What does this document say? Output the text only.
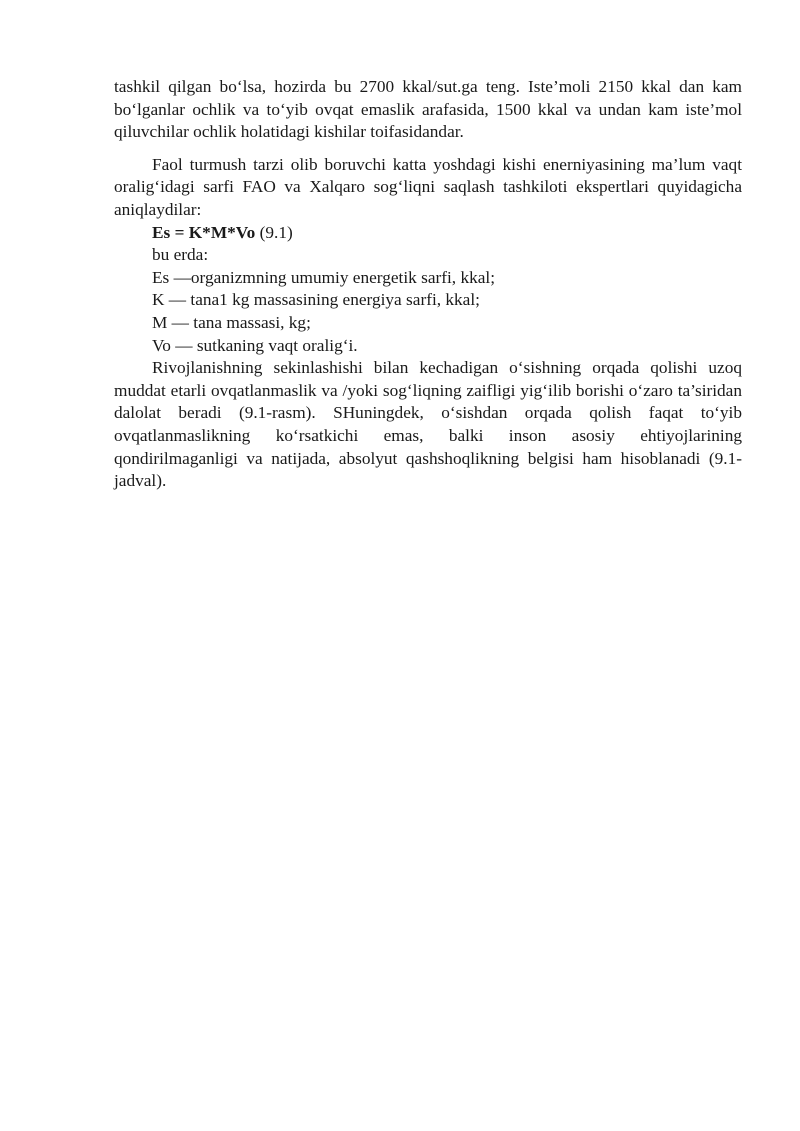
tashkil qilgan bo‘lsa, hozirda bu 2700 kkal/sut.ga teng. Iste’moli 2150 kkal dan kam bo‘lganlar ochlik va to‘yib ovqat emaslik arafasida, 1500 kkal va undan kam iste’mol qiluvchilar ochlik holatidagi kishilar toifasidandar.

Faol turmush tarzi olib boruvchi katta yoshdagi kishi enerniyasining ma’lum vaqt oralig‘idagi sarfi FAO va Xalqaro sog‘liqni saqlash tashkiloti ekspertlari quyidagicha aniqlaydilar:

Es = K*M*Vo (9.1)

bu erda:

Es —organizmning umumiy energetik sarfi, kkal;

K — tana1 kg massasining energiya sarfi, kkal;

M — tana massasi, kg;

Vo — sutkaning vaqt oralig‘i.

Rivojlanishning sekinlashishi bilan kechadigan o‘sishning orqada qolishi uzoq muddat etarli ovqatlanmaslik va /yoki sog‘liqning zaifligi yig‘ilib borishi o‘zaro ta’siridan dalolat beradi (9.1-rasm). SHuningdek, o‘sishdan orqada qolish faqat to‘yib ovqatlanmaslikning ko‘rsatkichi emas, balki inson asosiy ehtiyojlarining qondirilmaganligi va natijada, absolyut qashshoqlikning belgisi ham hisoblanadi (9.1-jadval).
